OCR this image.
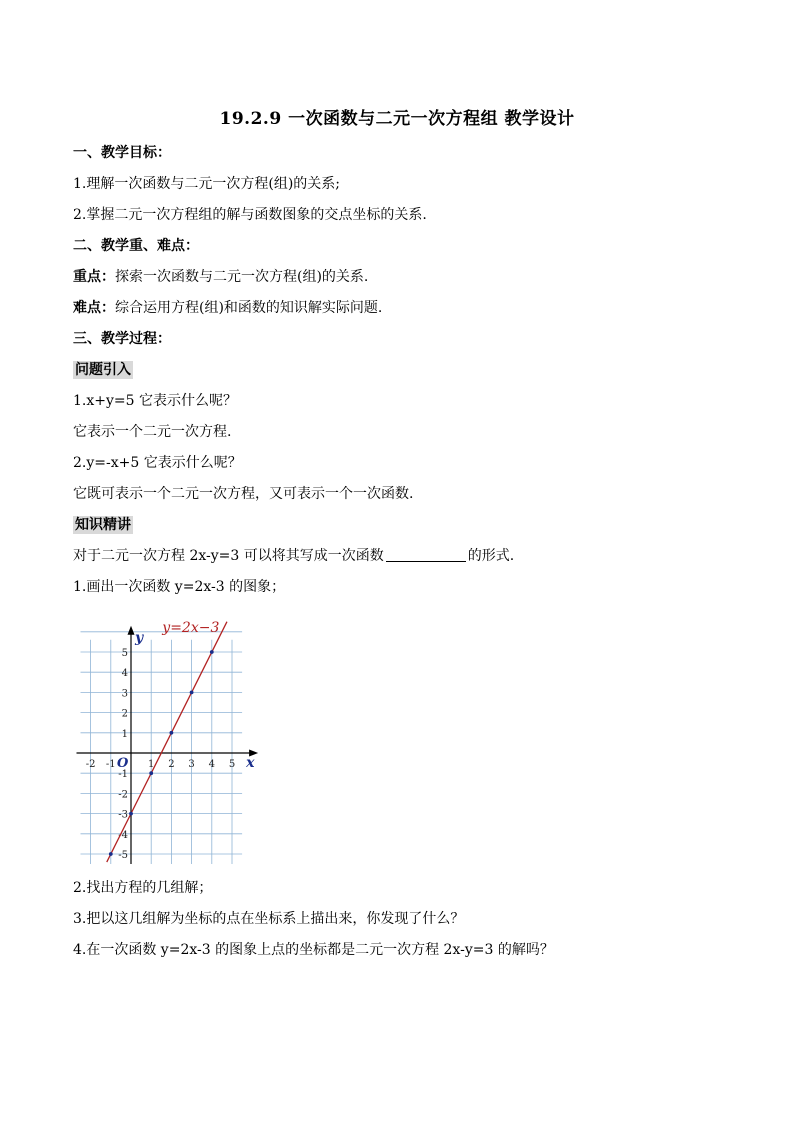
19.2.9 一次函数与二元一次方程组 教学设计
一、教学目标：
1.理解一次函数与二元一次方程(组)的关系;
2.掌握二元一次方程组的解与函数图象的交点坐标的关系.
二、教学重、难点：
重点：探索一次函数与二元一次方程(组)的关系.
难点：综合运用方程(组)和函数的知识解实际问题.
三、教学过程：
问题引入
1.x+y=5 它表示什么呢？
它表示一个二元一次方程.
2.y=-x+5 它表示什么呢？
它既可表示一个二元一次方程，又可表示一个一次函数.
知识精讲
对于二元一次方程 2x-y=3 可以将其写成一次函数	的形式.
1.画出一次函数 y=2x-3 的图象；
-2 -1	1 2 3 4 5
5
4
3
2
1
-1
-2
-3
-4
-5
x
y
O
y=2x−3
2.找出方程的几组解；
3.把以这几组解为坐标的点在坐标系上描出来，你发现了什么？
4.在一次函数 y=2x-3 的图象上点的坐标都是二元一次方程 2x-y=3 的解吗？
